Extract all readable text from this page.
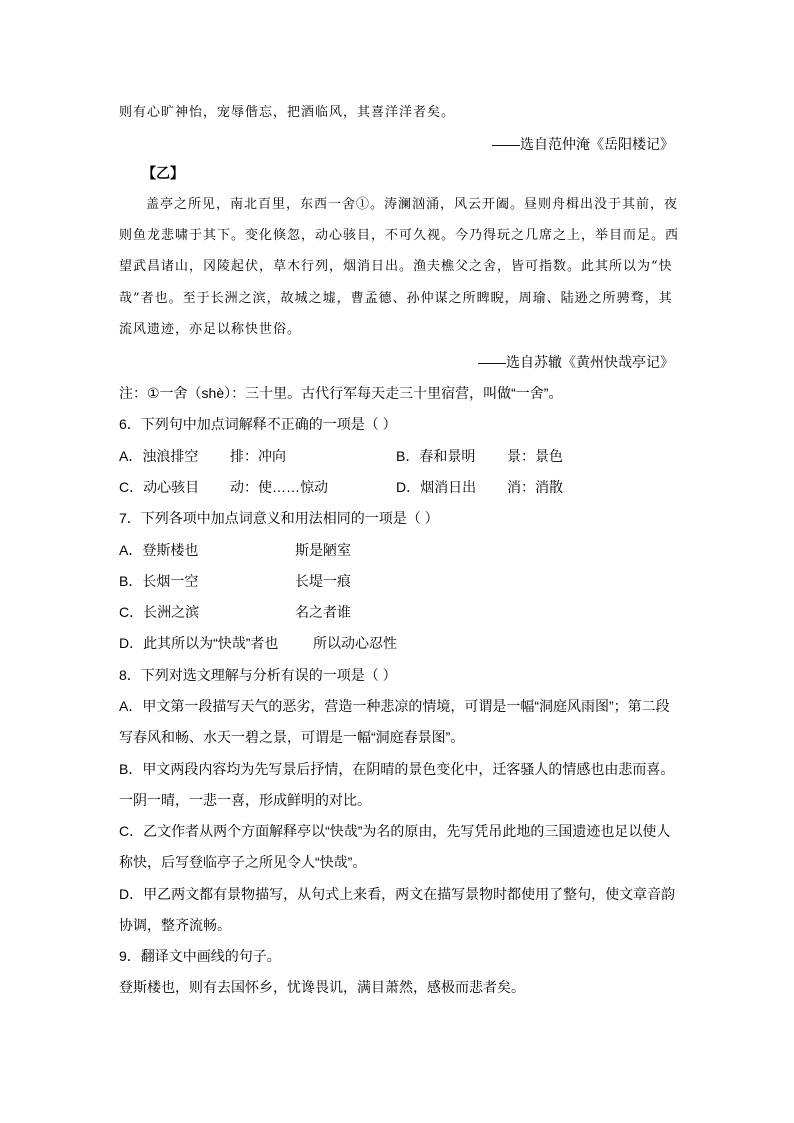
则有心旷神怡，宠辱偕忘，把酒临风，其喜洋洋者矣。
——选自范仲淹《岳阳楼记》
【乙】
盖亭之所见，南北百里，东西一舍①。涛澜汹涌，风云开阖。昼则舟楫出没于其前，夜
则鱼龙悲啸于其下。变化倏忽，动心骇目，不可久视。今乃得玩之几席之上，举目而足。西
望武昌诸山，冈陵起伏，草木行列，烟消日出。渔夫樵父之舍，皆可指数。此其所以为“快
哉”者也。至于长洲之滨，故城之墟，曹孟德、孙仲谋之所睥睨，周瑜、陆逊之所骋骛，其
流风遗迹，亦足以称快世俗。
——选自苏辙《黄州快哉亭记》
注：①一舍（shè）：三十里。古代行军每天走三十里宿营，叫做“一舍”。
6．下列句中加点词解释不正确的一项是（ ）
A．浊浪排空 排：冲向	B．春和景明 景：景色
C．动心骇目 动：使……惊动	D．烟消日出 消：消散
7．下列各项中加点词意义和用法相同的一项是（ ）
A．登斯楼也	斯是陋室
B．长烟一空	长堤一痕
C．长洲之滨	名之者谁
D．此其所以为“快哉”者也 所以动心忍性
8．下列对选文理解与分析有误的一项是（ ）
A．甲文第一段描写天气的恶劣，营造一种悲凉的情境，可谓是一幅“洞庭风雨图”；第二段
写春风和畅、水天一碧之景，可谓是一幅“洞庭春景图”。
B．甲文两段内容均为先写景后抒情，在阴晴的景色变化中，迁客骚人的情感也由悲而喜。
一阴一晴，一悲一喜，形成鲜明的对比。
C．乙文作者从两个方面解释亭以“快哉”为名的原由，先写凭吊此地的三国遗迹也足以使人
称快，后写登临亭子之所见令人“快哉”。
D．甲乙两文都有景物描写，从句式上来看，两文在描写景物时都使用了整句，使文章音韵
协调，整齐流畅。
9．翻译文中画线的句子。
登斯楼也，则有去国怀乡，忧谗畏讥，满目萧然，感极而悲者矣。
